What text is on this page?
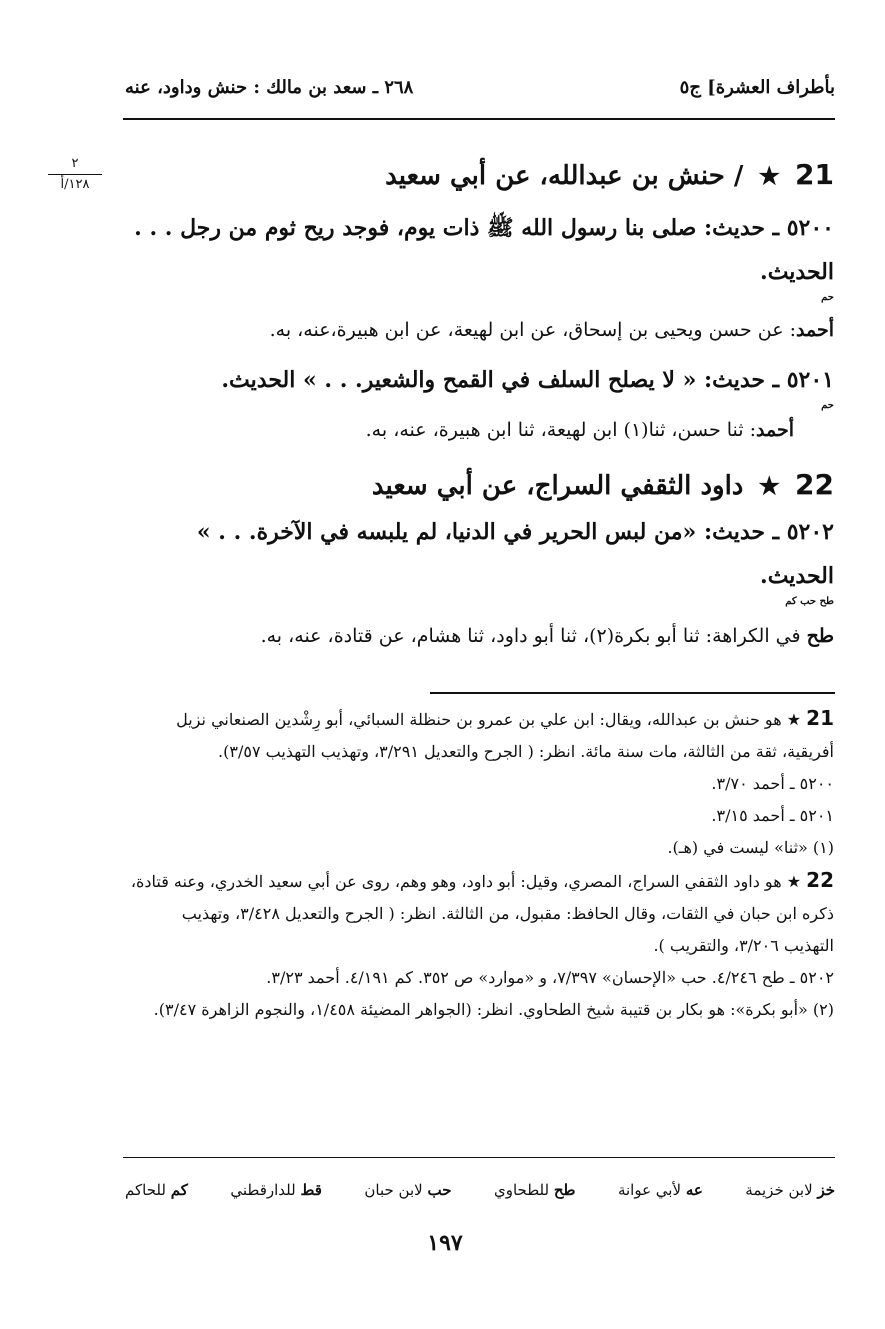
بأطراف العشرة] ج٥
٢٦٨ ـ سعد بن مالك : حنش وداود، عنه
٢
١٢٨/أ	21 ★ / حنش بن عبدالله، عن أبي سعيد

٥٢٠٠ ـ حديث: صلى بنا رسول الله ﷺ ذات يوم، فوجد ريح ثوم من رجل . . . الحديث.

حم

أحمد: عن حسن ويحيى بن إسحاق، عن ابن لهيعة، عن ابن هبيرة،عنه، به.

٥٢٠١ ـ حديث: « لا يصلح السلف في القمح والشعير. . . » الحديث.

حم

أحمد: ثنا حسن، ثنا(١) ابن لهيعة، ثنا ابن هبيرة، عنه، به.

22 ★ داود الثقفي السراج، عن أبي سعيد

٥٢٠٢ ـ حديث: «من لبس الحرير في الدنيا، لم يلبسه في الآخرة. . . » الحديث.

طح حب كم

طح في الكراهة: ثنا أبو بكرة(٢)، ثنا أبو داود، ثنا هشام، عن قتادة، عنه، به.

21 ★ هو حنش بن عبدالله، ويقال: ابن علي بن عمرو بن حنظلة السبائي، أبو رِشْدين الصنعاني نزيل أفريقية، ثقة من الثالثة، مات سنة مائة. انظر: ( الجرح والتعديل ٣/٢٩١، وتهذيب التهذيب ٣/٥٧).

٥٢٠٠ ـ أحمد ٣/٧٠.

٥٢٠١ ـ أحمد ٣/١٥.

(١) «ثنا» ليست في (هـ).

22 ★ هو داود الثقفي السراج، المصري، وقيل: أبو داود، وهو وهم، روى عن أبي سعيد الخدري، وعنه قتادة، ذكره ابن حبان في الثقات، وقال الحافظ: مقبول، من الثالثة. انظر: ( الجرح والتعديل ٣/٤٢٨، وتهذيب التهذيب ٣/٢٠٦، والتقريب ).

٥٢٠٢ ـ طح ٤/٢٤٦. حب «الإحسان» ٧/٣٩٧، و «موارد» ص ٣٥٢. كم ٤/١٩١. أحمد ٣/٢٣.

(٢) «أبو بكرة»: هو بكار بن قتيبة شيخ الطحاوي. انظر: (الجواهر المضيئة ١/٤٥٨، والنجوم الزاهرة ٣/٤٧).

خز لابن خزيمة
عه لأبي عوانة
طح للطحاوي
حب لابن حبان
قط للدارقطني
كم للحاكم
١٩٧
